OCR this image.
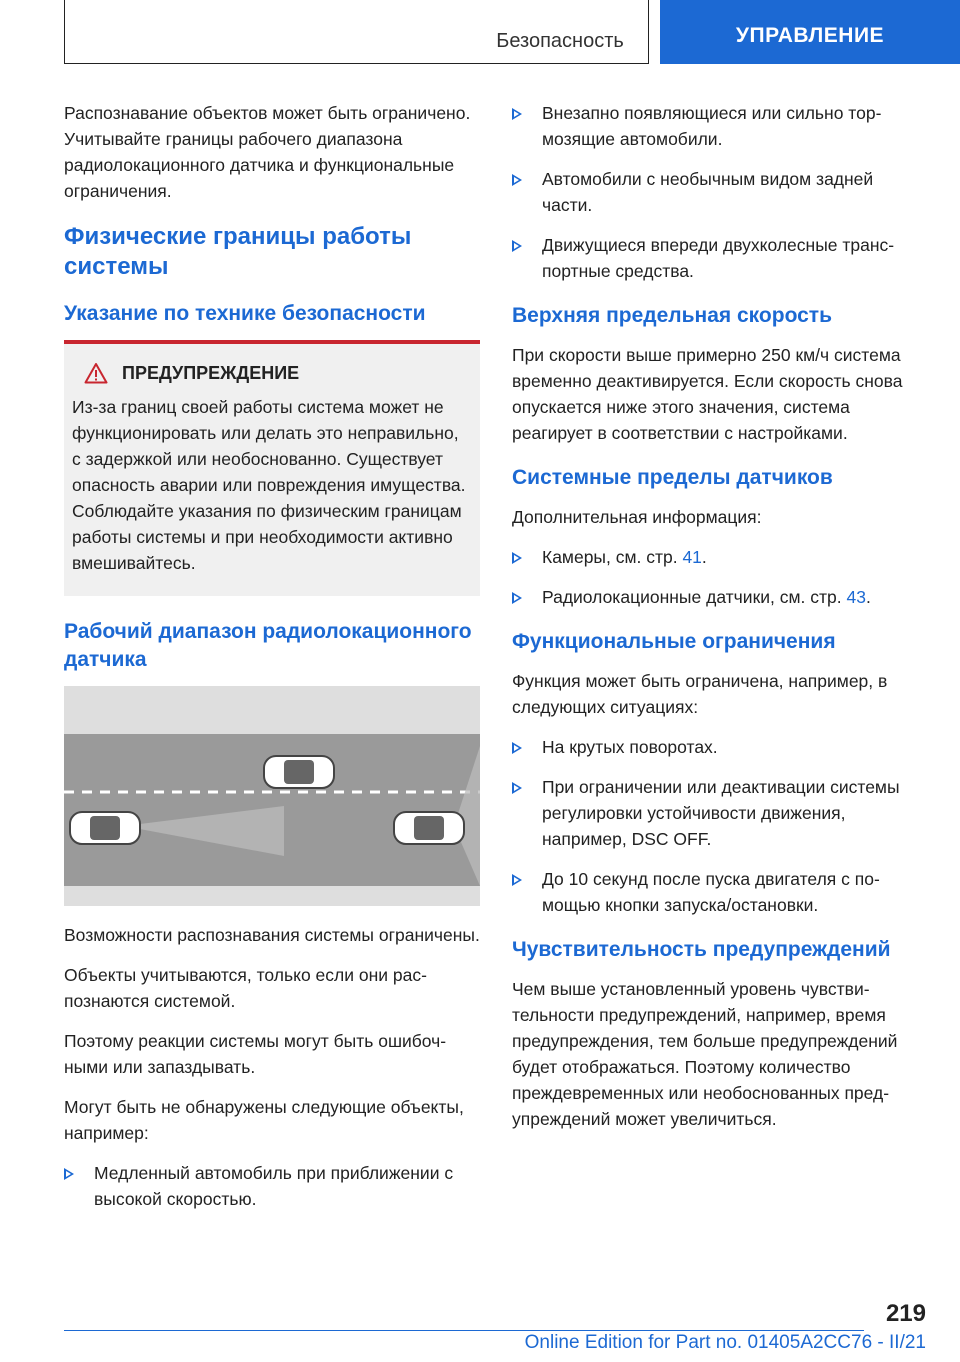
Безопасность	УПРАВЛЕНИЕ

Распознавание объектов может быть ограничено. Учитывайте границы рабочего диапазона радиолокационного датчика и функциональные ограничения.

Физические границы работы системы
Указание по технике безопасности
ПРЕДУПРЕЖДЕНИЕ

Из-за границ своей работы система может не функционировать или делать это неправильно, с задержкой или необоснованно. Существует опасность аварии или повреждения имущества. Соблюдайте указания по физическим границам работы системы и при необходимости активно вмешивайтесь.

Рабочий диапазон радиолокационного датчика

Возможности распознавания системы ограничены.

Объекты учитываются, только если они распознаются системой.

Поэтому реакции системы могут быть ошибочными или запаздывать.

Могут быть не обнаружены следующие объекты, например:

Медленный автомобиль при приближении с высокой скоростью.
Внезапно появляющиеся или сильно тормозящие автомобили.
Автомобили с необычным видом задней части.
Движущиеся впереди двухколесные транспортные средства.
Верхняя предельная скорость

При скорости выше примерно 250 км/ч система временно деактивируется. Если скорость снова опускается ниже этого значения, система реагирует в соответствии с настройками.

Системные пределы датчиков

Дополнительная информация:

Камеры, см. стр. 41.
Радиолокационные датчики, см. стр. 43.
Функциональные ограничения

Функция может быть ограничена, например, в следующих ситуациях:

На крутых поворотах.
При ограничении или деактивации системы регулировки устойчивости движения, например, DSC OFF.
До 10 секунд после пуска двигателя с помощью кнопки запуска/остановки.
Чувствительность предупреждений

Чем выше установленный уровень чувствительности предупреждений, например, время предупреждения, тем больше предупреждений будет отображаться. Поэтому количество преждевременных или необоснованных предупреждений может увеличиться.

219
Online Edition for Part no. 01405A2CC76 - II/21
